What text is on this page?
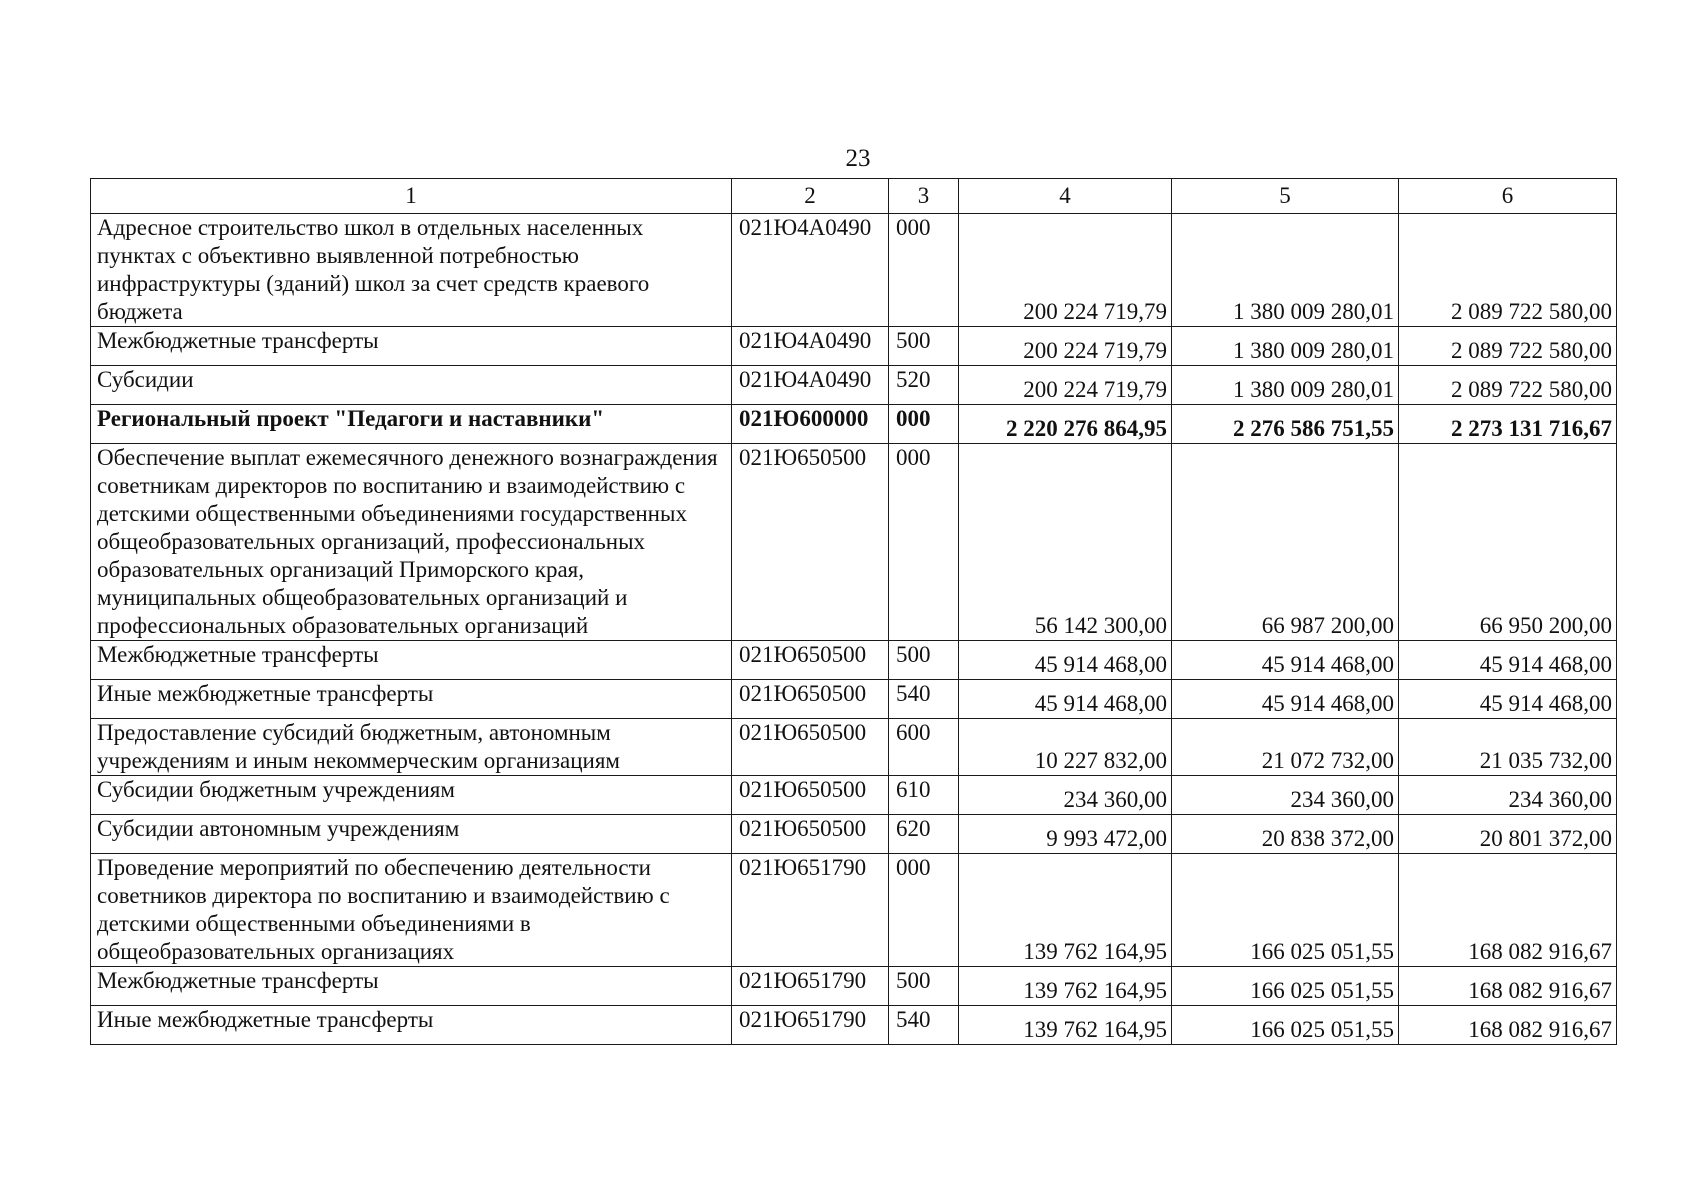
23
1	2	3	4	5	6
Адресное строительство школ в отдельных населенных пунктах с объективно выявленной потребностью инфраструктуры (зданий) школ за счет средств краевого бюджета	021Ю4А0490	000	200 224 719,79	1 380 009 280,01	2 089 722 580,00
Межбюджетные трансферты	021Ю4А0490	500	200 224 719,79	1 380 009 280,01	2 089 722 580,00
Субсидии	021Ю4А0490	520	200 224 719,79	1 380 009 280,01	2 089 722 580,00
Региональный проект "Педагоги и наставники"	021Ю600000	000	2 220 276 864,95	2 276 586 751,55	2 273 131 716,67
Обеспечение выплат ежемесячного денежного вознаграждения советникам директоров по воспитанию и взаимодействию с детскими общественными объединениями государственных общеобразовательных организаций, профессиональных образовательных организаций Приморского края, муниципальных общеобразовательных организаций и профессиональных образовательных организаций	021Ю650500	000	56 142 300,00	66 987 200,00	66 950 200,00
Межбюджетные трансферты	021Ю650500	500	45 914 468,00	45 914 468,00	45 914 468,00
Иные межбюджетные трансферты	021Ю650500	540	45 914 468,00	45 914 468,00	45 914 468,00
Предоставление субсидий бюджетным, автономным учреждениям и иным некоммерческим организациям	021Ю650500	600	10 227 832,00	21 072 732,00	21 035 732,00
Субсидии бюджетным учреждениям	021Ю650500	610	234 360,00	234 360,00	234 360,00
Субсидии автономным учреждениям	021Ю650500	620	9 993 472,00	20 838 372,00	20 801 372,00
Проведение мероприятий по обеспечению деятельности советников директора по воспитанию и взаимодействию с детскими общественными объединениями в общеобразовательных организациях	021Ю651790	000	139 762 164,95	166 025 051,55	168 082 916,67
Межбюджетные трансферты	021Ю651790	500	139 762 164,95	166 025 051,55	168 082 916,67
Иные межбюджетные трансферты	021Ю651790	540	139 762 164,95	166 025 051,55	168 082 916,67
